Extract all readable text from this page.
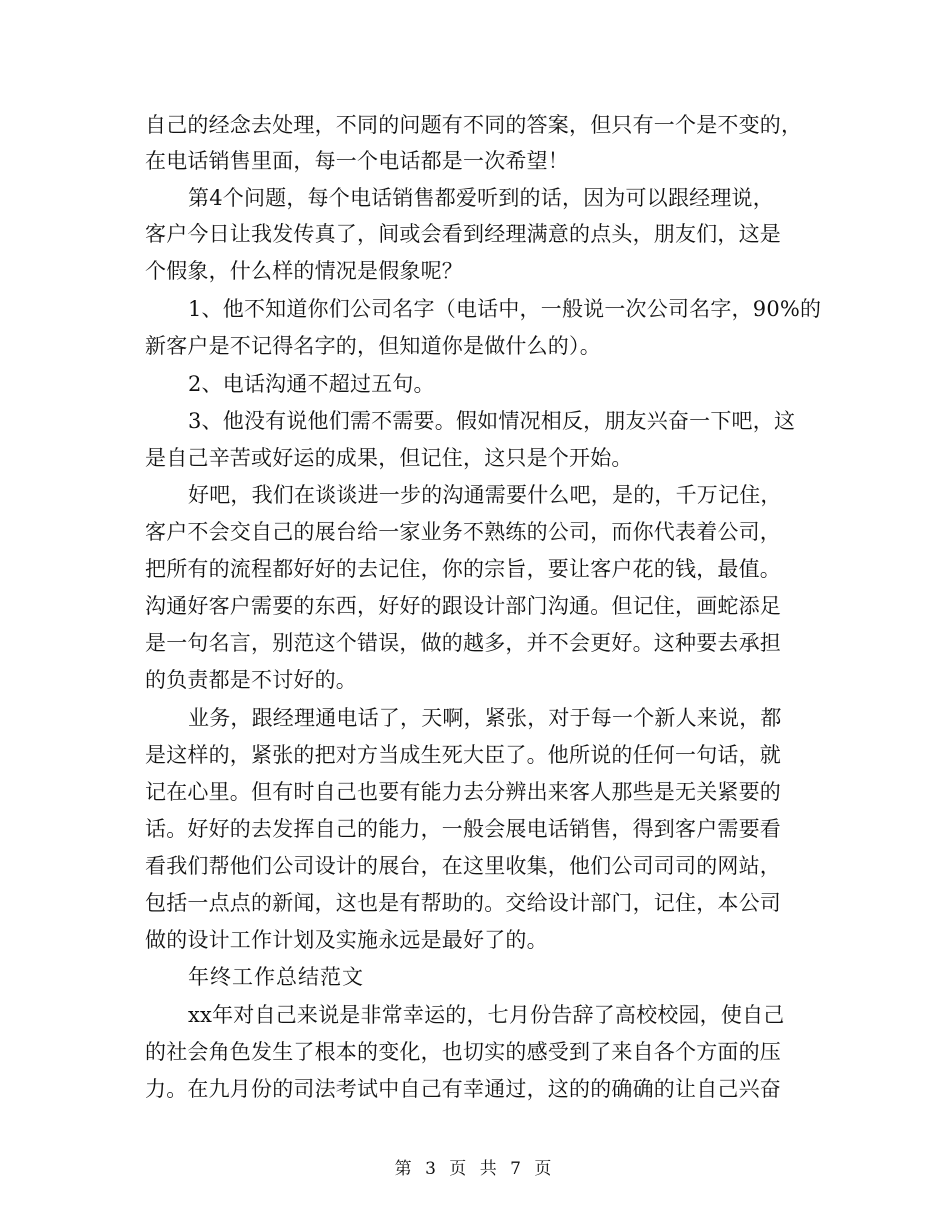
自己的经念去处理，不同的问题有不同的答案，但只有一个是不变的，
在电话销售里面，每一个电话都是一次希望！
第4个问题，每个电话销售都爱听到的话，因为可以跟经理说，
客户今日让我发传真了，间或会看到经理满意的点头，朋友们，这是
个假象，什么样的情况是假象呢？
1、他不知道你们公司名字（电话中，一般说一次公司名字，90%的
新客户是不记得名字的，但知道你是做什么的）。
2、电话沟通不超过五句。
3、他没有说他们需不需要。假如情况相反，朋友兴奋一下吧，这
是自己辛苦或好运的成果，但记住，这只是个开始。
好吧，我们在谈谈进一步的沟通需要什么吧，是的，千万记住，
客户不会交自己的展台给一家业务不熟练的公司，而你代表着公司，
把所有的流程都好好的去记住，你的宗旨，要让客户花的钱，最值。
沟通好客户需要的东西，好好的跟设计部门沟通。但记住，画蛇添足
是一句名言，别范这个错误，做的越多，并不会更好。这种要去承担
的负责都是不讨好的。
业务，跟经理通电话了，天啊，紧张，对于每一个新人来说，都
是这样的，紧张的把对方当成生死大臣了。他所说的任何一句话，就
记在心里。但有时自己也要有能力去分辨出来客人那些是无关紧要的
话。好好的去发挥自己的能力，一般会展电话销售，得到客户需要看
看我们帮他们公司设计的展台，在这里收集，他们公司司司的网站，
包括一点点的新闻，这也是有帮助的。交给设计部门，记住，本公司
做的设计工作计划及实施永远是最好了的。
年终工作总结范文
xx年对自己来说是非常幸运的，七月份告辞了高校校园，使自己
的社会角色发生了根本的变化，也切实的感受到了来自各个方面的压
力。在九月份的司法考试中自己有幸通过，这的的确确的让自己兴奋
第 3 页 共 7 页
